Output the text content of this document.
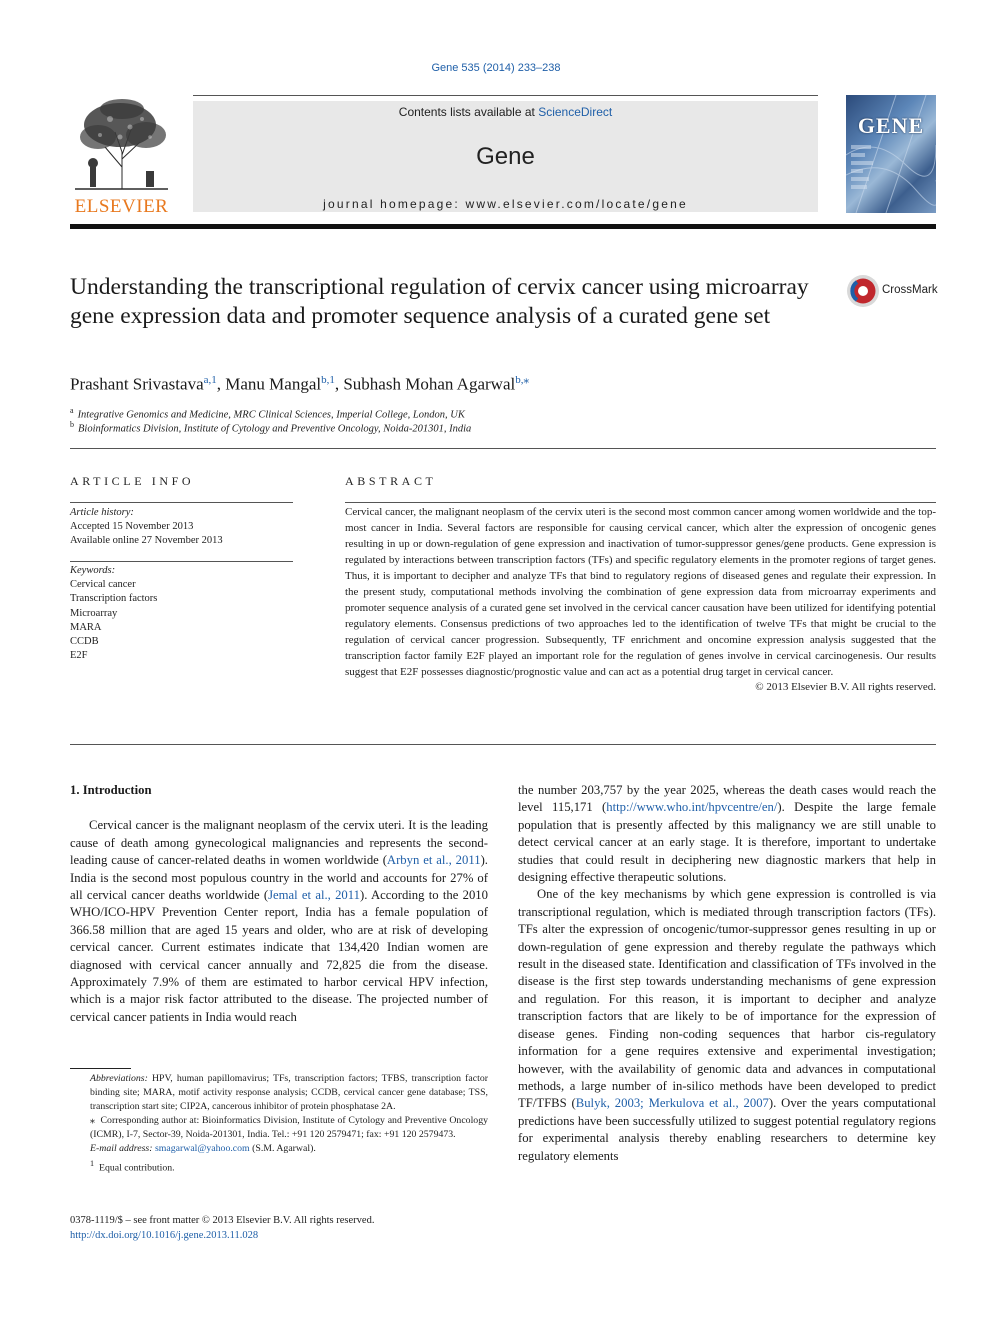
Gene 535 (2014) 233–238
ELSEVIER
Contents lists available at ScienceDirect
Gene
journal homepage: www.elsevier.com/locate/gene
GENE
Understanding the transcriptional regulation of cervix cancer using microarray gene expression data and promoter sequence analysis of a curated gene set
CrossMark
Prashant Srivastava$^{a,1}$, Manu Mangal$^{b,1}$, Subhash Mohan Agarwal$^{b,⁎}$
$^a$ Integrative Genomics and Medicine, MRC Clinical Sciences, Imperial College, London, UK
$^b$ Bioinformatics Division, Institute of Cytology and Preventive Oncology, Noida-201301, India
ARTICLE INFO	ABSTRACT
Article history:
Accepted 15 November 2013
Available online 27 November 2013
Keywords:
Cervical cancer
Transcription factors
Microarray
MARA
CCDB
E2F
Cervical cancer, the malignant neoplasm of the cervix uteri is the second most common cancer among women worldwide and the top-most cancer in India. Several factors are responsible for causing cervical cancer, which alter the expression of oncogenic genes resulting in up or down-regulation of gene expression and inactivation of tumor-suppressor genes/gene products. Gene expression is regulated by interactions between transcription factors (TFs) and specific regulatory elements in the promoter regions of target genes. Thus, it is important to decipher and analyze TFs that bind to regulatory regions of diseased genes and regulate their expression. In the present study, computational methods involving the combination of gene expression data from microarray experiments and promoter sequence analysis of a curated gene set involved in the cervical cancer causation have been utilized for identifying potential regulatory elements. Consensus predictions of two approaches led to the identification of twelve TFs that might be crucial to the regulation of cervical cancer progression. Subsequently, TF enrichment and oncomine expression analysis suggested that the transcription factor family E2F played an important role for the regulation of genes involve in cervical carcinogenesis. Our results suggest that E2F possesses diagnostic/prognostic value and can act as a potential drug target in cervical cancer.
© 2013 Elsevier B.V. All rights reserved.
1. Introduction

Cervical cancer is the malignant neoplasm of the cervix uteri. It is the leading cause of death among gynecological malignancies and represents the second-leading cause of cancer-related deaths in women worldwide (Arbyn et al., 2011). India is the second most populous country in the world and accounts for 27% of all cervical cancer deaths worldwide (Jemal et al., 2011). According to the 2010 WHO/ICO-HPV Prevention Center report, India has a female population of 366.58 million that are aged 15 years and older, who are at risk of developing cervical cancer. Current estimates indicate that 134,420 Indian women are diagnosed with cervical cancer annually and 72,825 die from the disease. Approximately 7.9% of them are estimated to harbor cervical HPV infection, which is a major risk factor attributed to the disease. The projected number of cervical cancer patients in India would reach

the number 203,757 by the year 2025, whereas the death cases would reach the level 115,171 (http://www.who.int/hpvcentre/en/). Despite the large female population that is presently affected by this malignancy we are still unable to detect cervical cancer at an early stage. It is therefore, important to undertake studies that could result in deciphering new diagnostic markers that help in designing effective therapeutic solutions.

One of the key mechanisms by which gene expression is controlled is via transcriptional regulation, which is mediated through transcription factors (TFs). TFs alter the expression of oncogenic/tumor-suppressor genes resulting in up or down-regulation of gene expression and thereby regulate the pathways which result in the diseased state. Identification and classification of TFs involved in the disease is the first step towards understanding mechanisms of gene expression and regulation. For this reason, it is important to decipher and analyze transcription factors that are likely to be of importance for the expression of disease genes. Finding non-coding sequences that harbor cis-regulatory information for a gene requires extensive and experimental investigation; however, with the availability of genomic data and advances in computational methods, a large number of in-silico methods have been developed to predict TF/TFBS (Bulyk, 2003; Merkulova et al., 2007). Over the years computational predictions have been successfully utilized to suggest potential regulatory regions for experimental analysis thereby enabling researchers to determine key regulatory elements

Abbreviations: HPV, human papillomavirus; TFs, transcription factors; TFBS, transcription factor binding site; MARA, motif activity response analysis; CCDB, cervical cancer gene database; TSS, transcription start site; CIP2A, cancerous inhibitor of protein phosphatase 2A.

⁎ Corresponding author at: Bioinformatics Division, Institute of Cytology and Preventive Oncology (ICMR), I-7, Sector-39, Noida-201301, India. Tel.: +91 120 2579471; fax: +91 120 2579473.

E-mail address: smagarwal@yahoo.com (S.M. Agarwal).

$^1$ Equal contribution.

0378-1119/$ – see front matter © 2013 Elsevier B.V. All rights reserved.
http://dx.doi.org/10.1016/j.gene.2013.11.028
